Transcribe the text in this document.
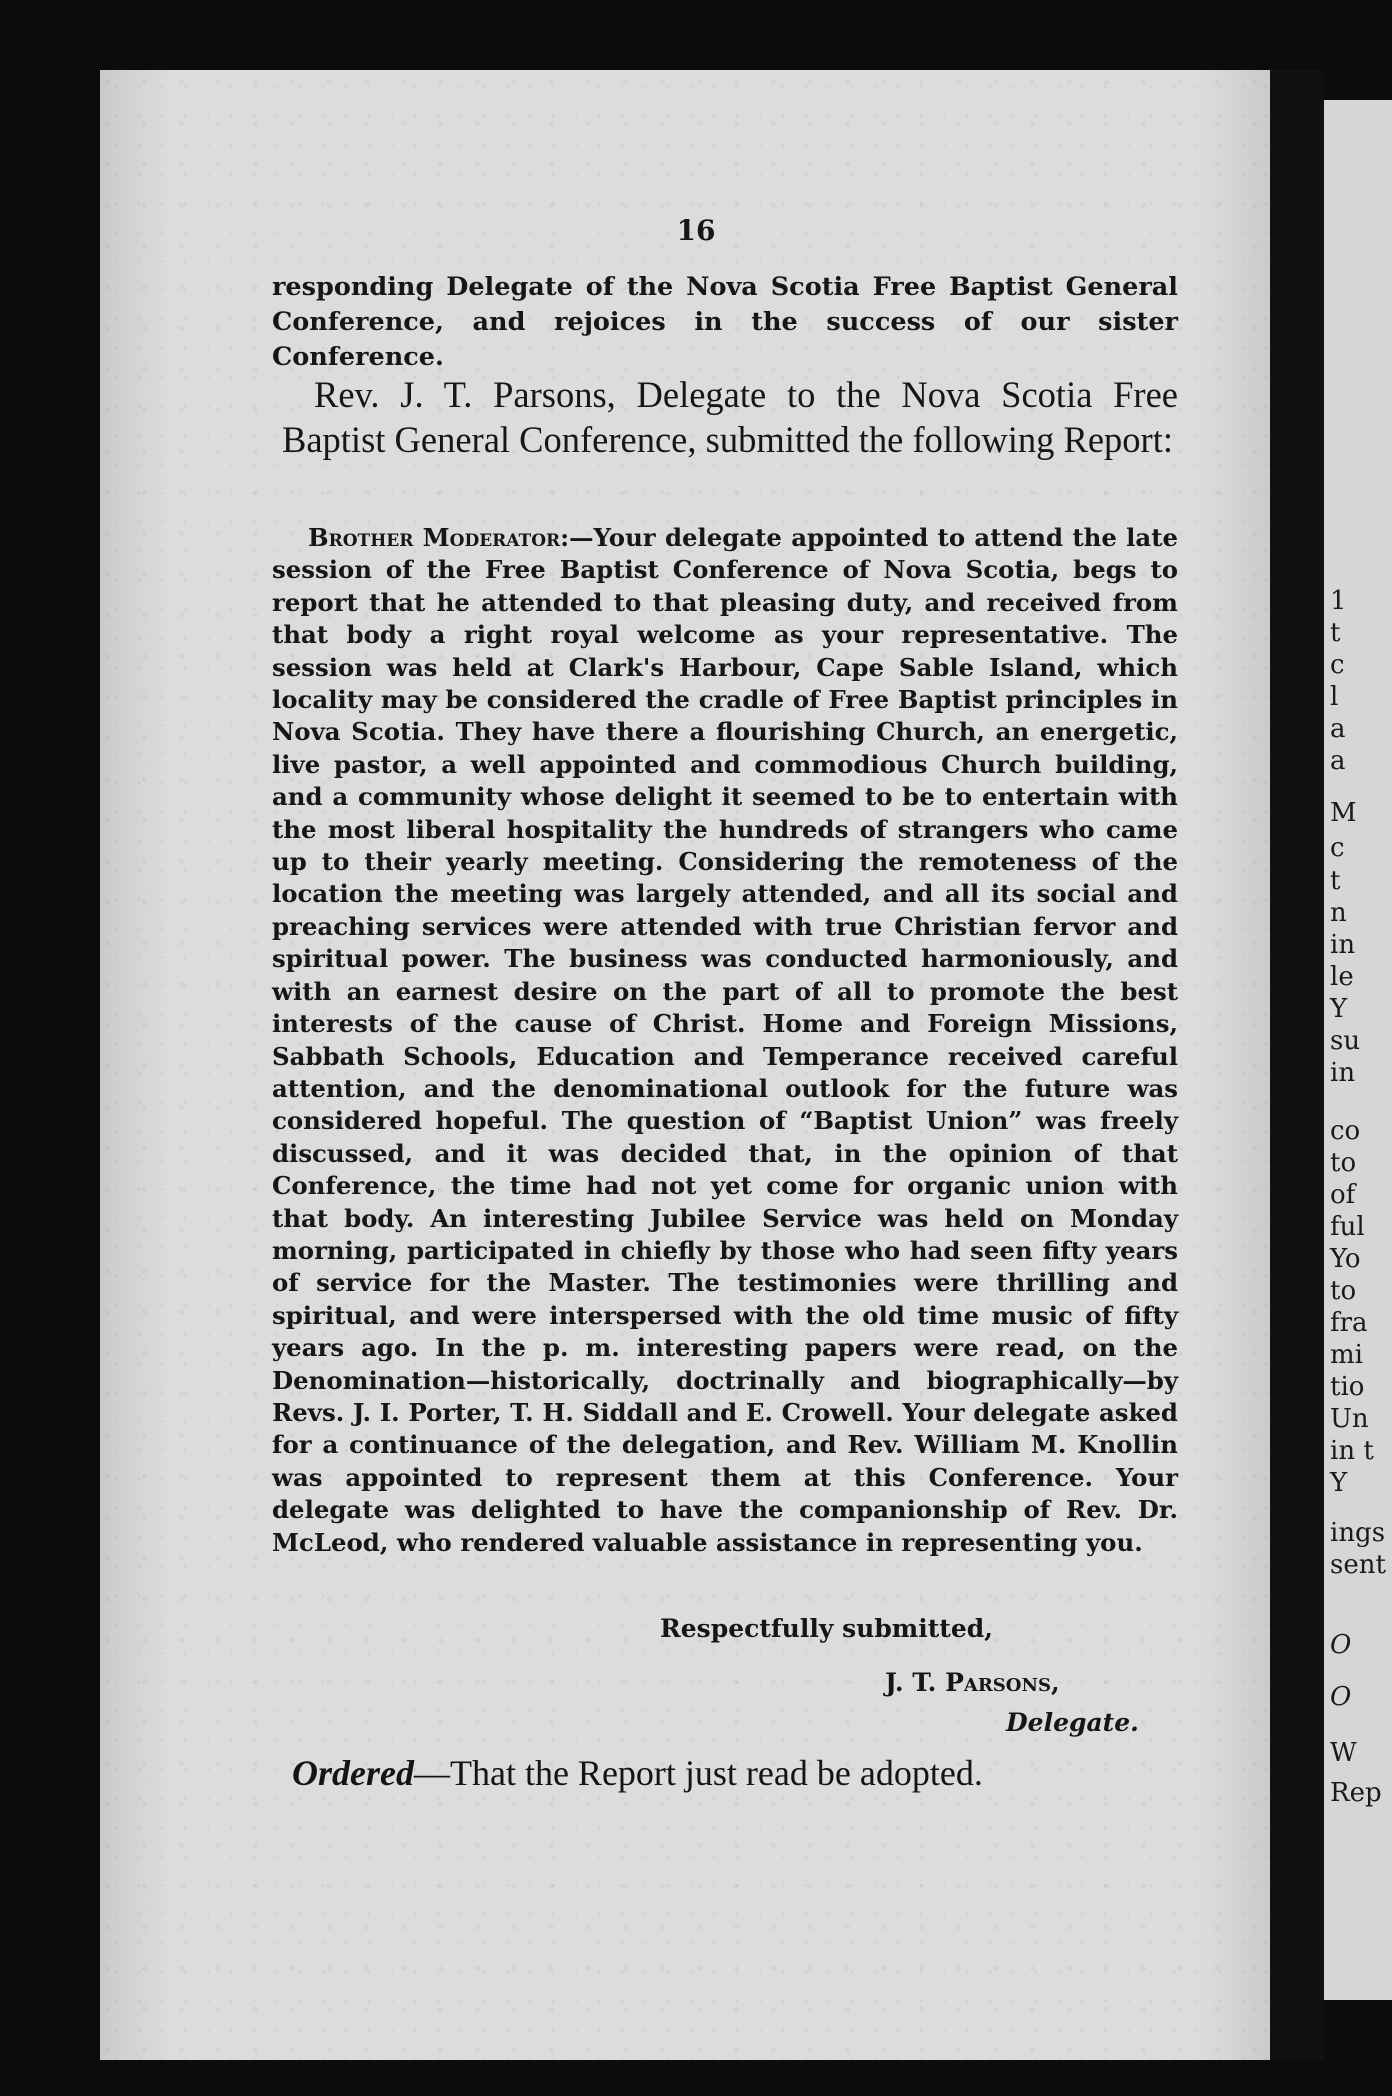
1
t
c
l
a
a
M
c
t
n
in
le
Y
su
in
co
to
of
ful
Yo
to
fra
mi
tio
Un
in t
Y
ings
sent
O
O
W
Rep
16
responding Delegate of the Nova Scotia Free Baptist General Conference, and rejoices in the success of our sister Conference.
Rev. J. T. Parsons, Delegate to the Nova Scotia Free Baptist General Conference, submitted the following Report:
Brother Moderator:—Your delegate appointed to attend the late session of the Free Baptist Conference of Nova Scotia, begs to report that he attended to that pleasing duty, and received from that body a right royal welcome as your representative. The session was held at Clark's Harbour, Cape Sable Island, which locality may be considered the cradle of Free Baptist principles in Nova Scotia. They have there a flourishing Church, an energetic, live pastor, a well appointed and commodious Church building, and a community whose delight it seemed to be to entertain with the most liberal hospitality the hundreds of strangers who came up to their yearly meeting. Considering the remoteness of the location the meeting was largely attended, and all its social and preaching services were attended with true Christian fervor and spiritual power. The business was conducted harmoniously, and with an earnest desire on the part of all to promote the best interests of the cause of Christ. Home and Foreign Missions, Sabbath Schools, Education and Temperance received careful attention, and the denominational outlook for the future was considered hopeful. The question of “Baptist Union” was freely discussed, and it was decided that, in the opinion of that Conference, the time had not yet come for organic union with that body. An interesting Jubilee Service was held on Monday morning, participated in chiefly by those who had seen fifty years of service for the Master. The testimonies were thrilling and spiritual, and were interspersed with the old time music of fifty years ago. In the p. m. interesting papers were read, on the Denomination—historically, doctrinally and biographically—by Revs. J. I. Porter, T. H. Siddall and E. Crowell. Your delegate asked for a continuance of the delegation, and Rev. William M. Knollin was appointed to represent them at this Conference. Your delegate was delighted to have the companionship of Rev. Dr. McLeod, who rendered valuable assistance in representing you.
Respectfully submitted,
J. T. Parsons,
Delegate.
Ordered—That the Report just read be adopted.
